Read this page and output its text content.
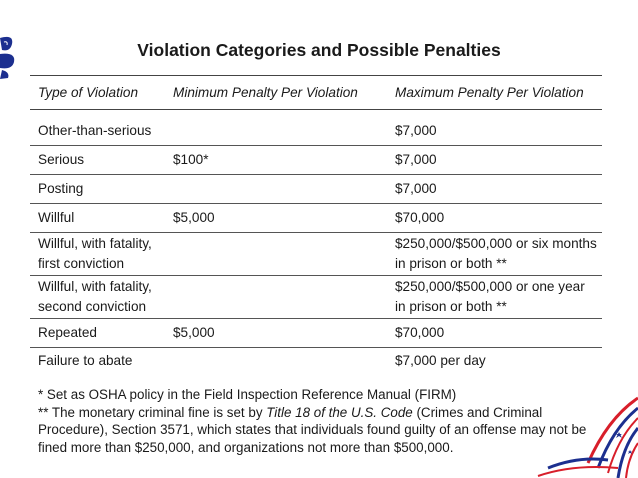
Violation Categories and Possible Penalties
Type of Violation	Minimum Penalty Per Violation	Maximum Penalty Per Violation

Other-than-serious		$7,000
Serious	$100*	$7,000
Posting		$7,000
Willful	$5,000	$70,000
Willful, with fatality,
first conviction		$250,000/$500,000 or six months
in prison or both **
Willful, with fatality,
second conviction		$250,000/$500,000 or one year
in prison or both **
Repeated	$5,000	$70,000
Failure to abate		$7,000 per day

* Set as OSHA policy in the Field Inspection Reference Manual (FIRM)

** The monetary criminal fine is set by Title 18 of the U.S. Code (Crimes and Criminal Procedure), Section 3571, which states that individuals found guilty of an offense may not be fined more than $250,000, and organizations not more than $500,000.
